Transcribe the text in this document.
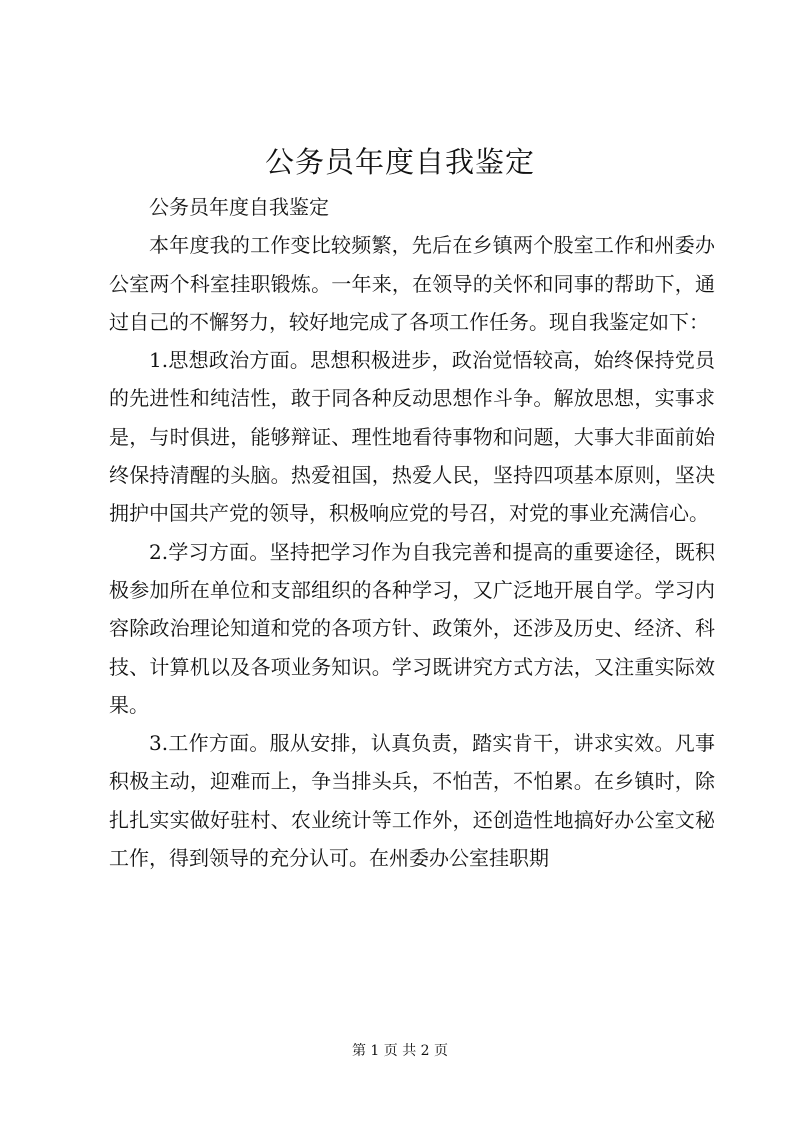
公务员年度自我鉴定

公务员年度自我鉴定

本年度我的工作变比较频繁，先后在乡镇两个股室工作和州委办公室两个科室挂职锻炼。一年来，在领导的关怀和同事的帮助下，通过自己的不懈努力，较好地完成了各项工作任务。现自我鉴定如下：

1.思想政治方面。思想积极进步，政治觉悟较高，始终保持党员的先进性和纯洁性，敢于同各种反动思想作斗争。解放思想，实事求是，与时俱进，能够辩证、理性地看待事物和问题，大事大非面前始终保持清醒的头脑。热爱祖国，热爱人民，坚持四项基本原则，坚决拥护中国共产党的领导，积极响应党的号召，对党的事业充满信心。

2.学习方面。坚持把学习作为自我完善和提高的重要途径，既积极参加所在单位和支部组织的各种学习，又广泛地开展自学。学习内容除政治理论知道和党的各项方针、政策外，还涉及历史、经济、科技、计算机以及各项业务知识。学习既讲究方式方法，又注重实际效果。

3.工作方面。服从安排，认真负责，踏实肯干，讲求实效。凡事积极主动，迎难而上，争当排头兵，不怕苦，不怕累。在乡镇时，除扎扎实实做好驻村、农业统计等工作外，还创造性地搞好办公室文秘工作，得到领导的充分认可。在州委办公室挂职期

第 1 页 共 2 页
